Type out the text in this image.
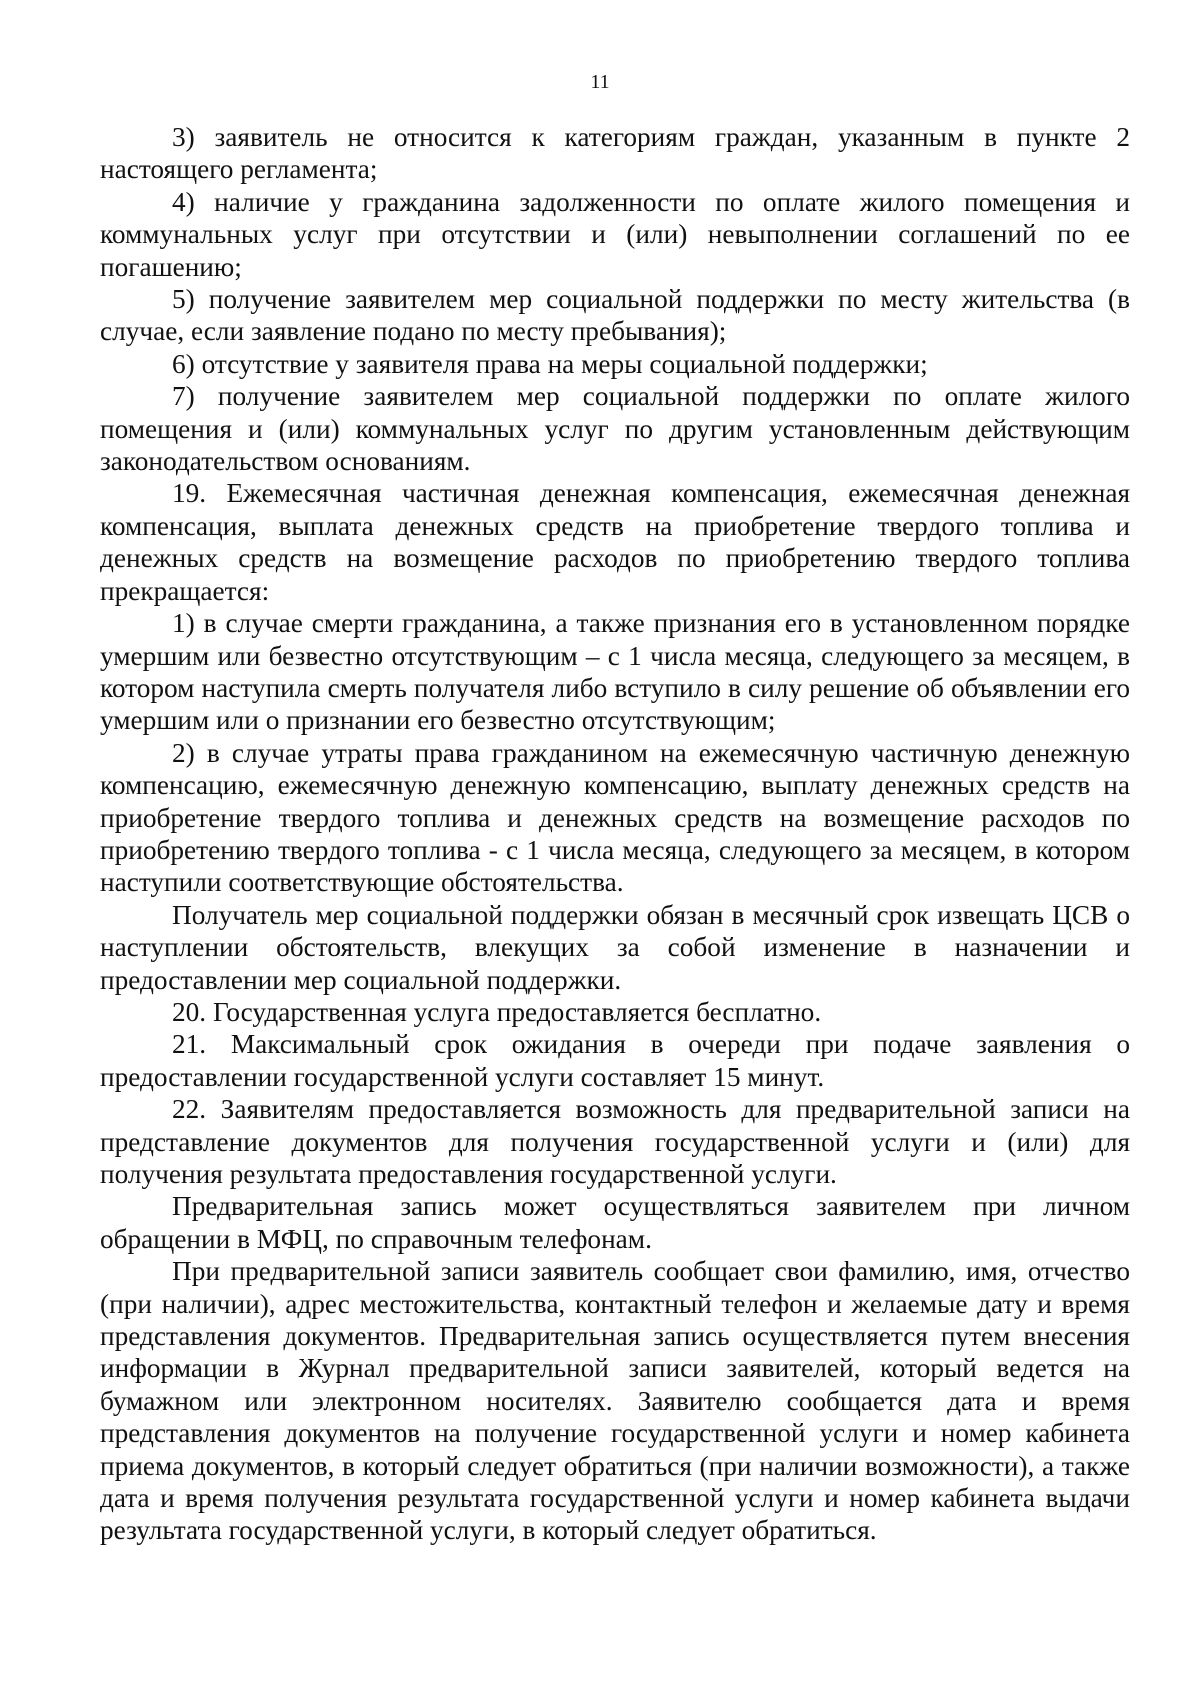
11

3) заявитель не относится к категориям граждан, указанным в пункте 2 настоящего регламента;

4) наличие у гражданина задолженности по оплате жилого помещения и коммунальных услуг при отсутствии и (или) невыполнении соглашений по ее погашению;

5) получение заявителем мер социальной поддержки по месту жительства (в случае, если заявление подано по месту пребывания);

6) отсутствие у заявителя права на меры социальной поддержки;

7) получение заявителем мер социальной поддержки по оплате жилого помещения и (или) коммунальных услуг по другим установленным действующим законодательством основаниям.

19. Ежемесячная частичная денежная компенсация, ежемесячная денежная компенсация, выплата денежных средств на приобретение твердого топлива и денежных средств на возмещение расходов по приобретению твердого топлива прекращается:

1) в случае смерти гражданина, а также признания его в установленном порядке умершим или безвестно отсутствующим – с 1 числа месяца, следующего за месяцем, в котором наступила смерть получателя либо вступило в силу решение об объявлении его умершим или о признании его безвестно отсутствующим;

2) в случае утраты права гражданином на ежемесячную частичную денежную компенсацию, ежемесячную денежную компенсацию, выплату денежных средств на приобретение твердого топлива и денежных средств на возмещение расходов по приобретению твердого топлива - с 1 числа месяца, следующего за месяцем, в котором наступили соответствующие обстоятельства.

Получатель мер социальной поддержки обязан в месячный срок извещать ЦСВ о наступлении обстоятельств, влекущих за собой изменение в назначении и предоставлении мер социальной поддержки.

20. Государственная услуга предоставляется бесплатно.

21. Максимальный срок ожидания в очереди при подаче заявления о предоставлении государственной услуги составляет 15 минут.

22. Заявителям предоставляется возможность для предварительной записи на представление документов для получения государственной услуги и (или) для получения результата предоставления государственной услуги.

Предварительная запись может осуществляться заявителем при личном обращении в МФЦ, по справочным телефонам.

При предварительной записи заявитель сообщает свои фамилию, имя, отчество (при наличии), адрес местожительства, контактный телефон и желаемые дату и время представления документов. Предварительная запись осуществляется путем внесения информации в Журнал предварительной записи заявителей, который ведется на бумажном или электронном носителях. Заявителю сообщается дата и время представления документов на получение государственной услуги и номер кабинета приема документов, в который следует обратиться (при наличии возможности), а также дата и время получения результата государственной услуги и номер кабинета выдачи результата государственной услуги, в который следует обратиться.
